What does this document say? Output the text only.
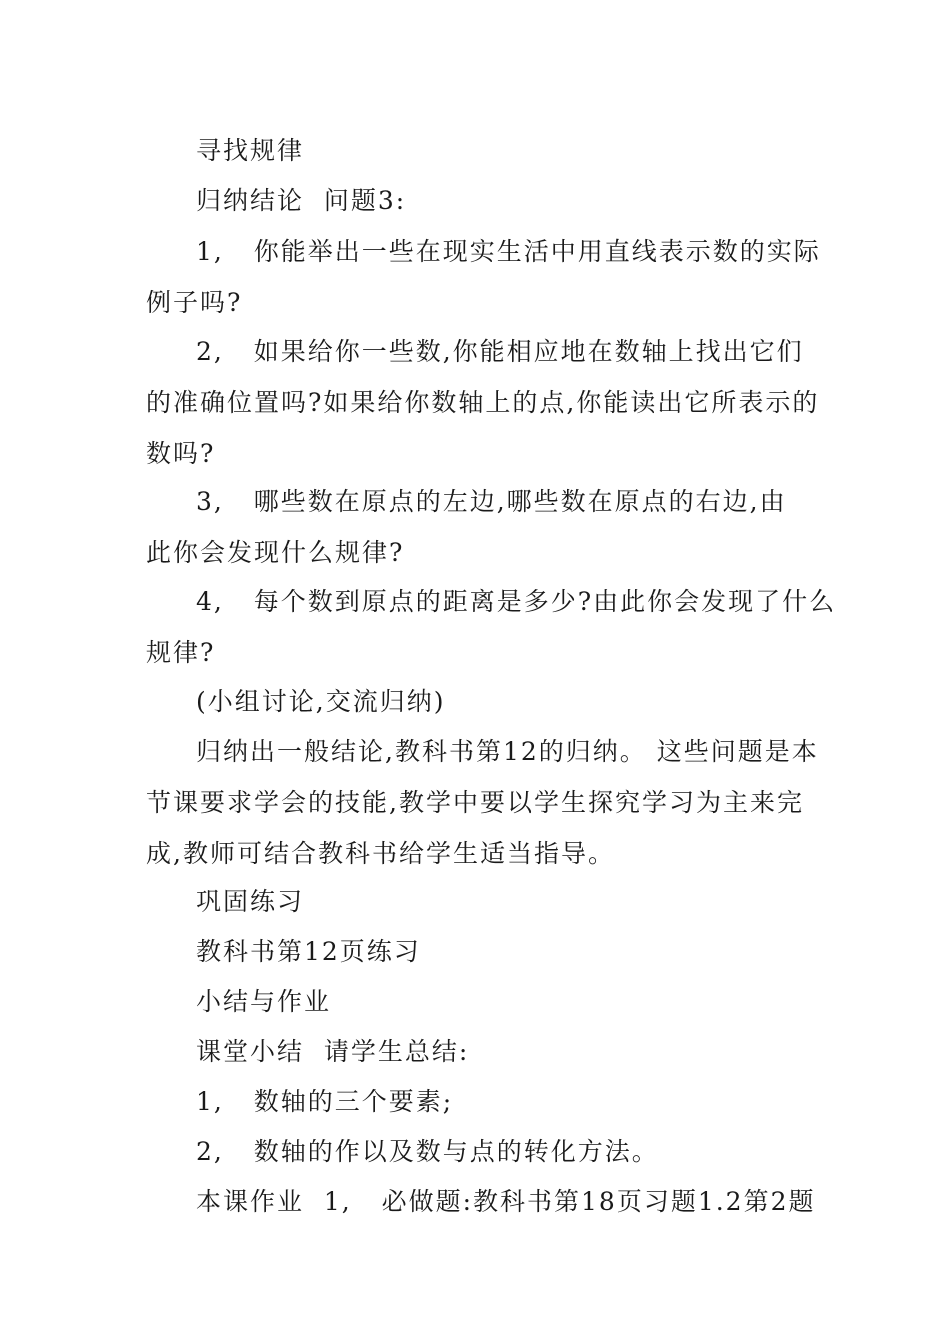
寻找规律

归纳结论  问题3:

1,   你能举出一些在现实生活中用直线表示数的实际
例子吗?

2,   如果给你一些数,你能相应地在数轴上找出它们
的准确位置吗?如果给你数轴上的点,你能读出它所表示的
数吗?

3,   哪些数在原点的左边,哪些数在原点的右边,由
此你会发现什么规律?

4,   每个数到原点的距离是多少?由此你会发现了什么
规律?

(小组讨论,交流归纳)

归纳出一般结论,教科书第12的归纳。 这些问题是本
节课要求学会的技能,教学中要以学生探究学习为主来完
成,教师可结合教科书给学生适当指导。

巩固练习

教科书第12页练习

小结与作业

课堂小结  请学生总结:

1,   数轴的三个要素;

2,   数轴的作以及数与点的转化方法。

本课作业  1,   必做题:教科书第18页习题1.2第2题
